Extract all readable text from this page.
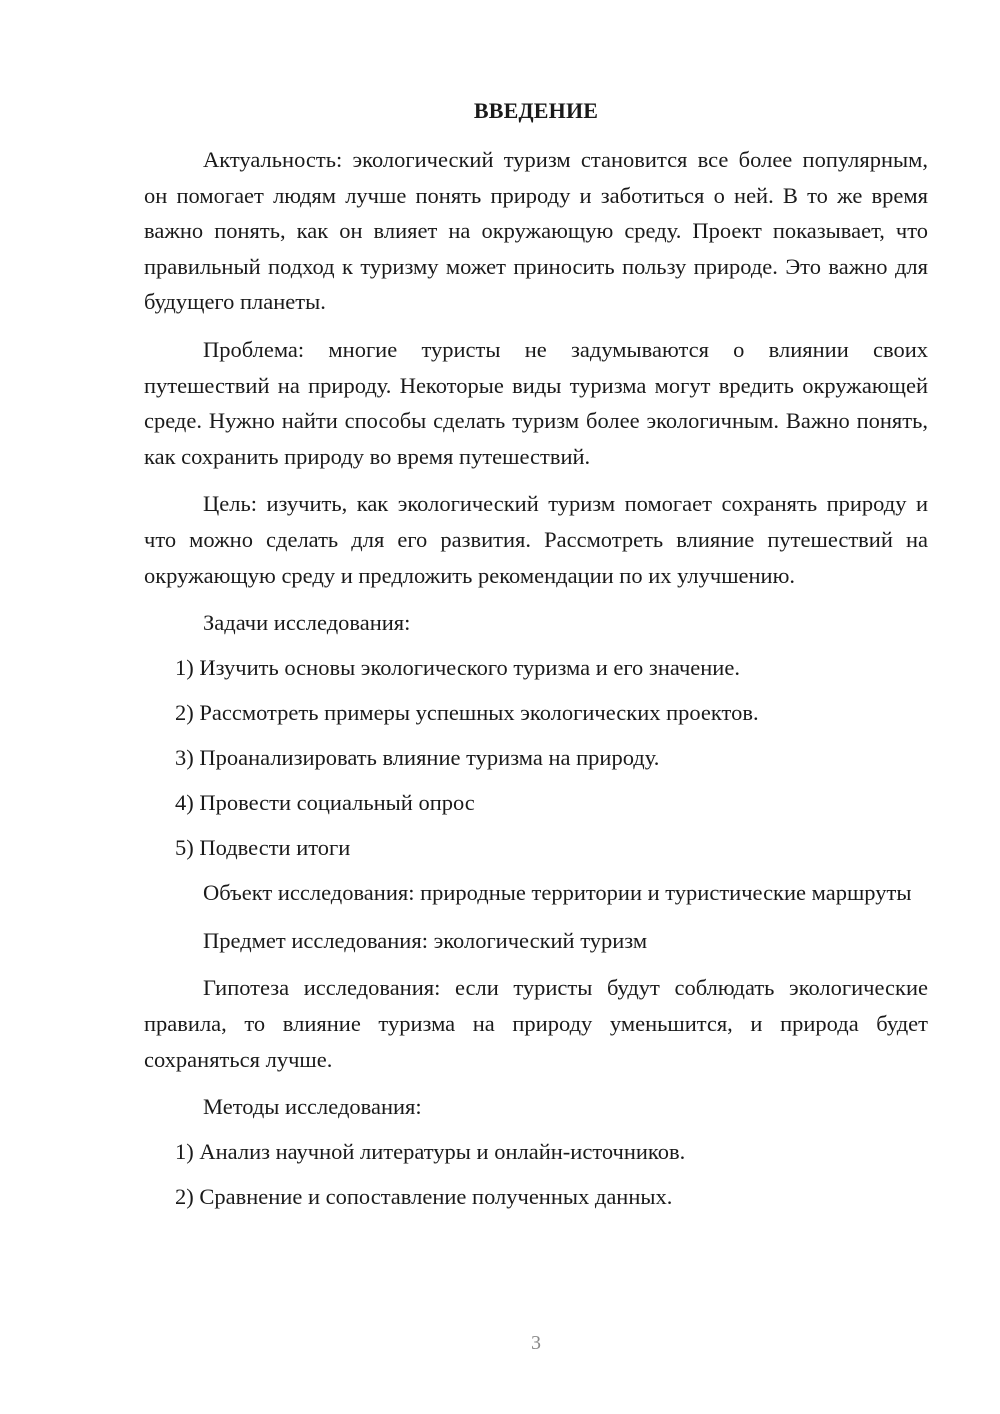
ВВЕДЕНИЕ

Актуальность: экологический туризм становится все более популярным, он помогает людям лучше понять природу и заботиться о ней. В то же время важно понять, как он влияет на окружающую среду. Проект показывает, что правильный подход к туризму может приносить пользу природе. Это важно для будущего планеты.

Проблема: многие туристы не задумываются о влиянии своих путешествий на природу. Некоторые виды туризма могут вредить окружающей среде. Нужно найти способы сделать туризм более экологичным. Важно понять, как сохранить природу во время путешествий.

Цель: изучить, как экологический туризм помогает сохранять природу и что можно сделать для его развития. Рассмотреть влияние путешествий на окружающую среду и предложить рекомендации по их улучшению.

Задачи исследования:

1) Изучить основы экологического туризма и его значение.

2) Рассмотреть примеры успешных экологических проектов.

3) Проанализировать влияние туризма на природу.

4) Провести социальный опрос

5) Подвести итоги

Объект исследования: природные территории и туристические маршруты

Предмет исследования: экологический туризм

Гипотеза исследования: если туристы будут соблюдать экологические правила, то влияние туризма на природу уменьшится, и природа будет сохраняться лучше.

Методы исследования:

1) Анализ научной литературы и онлайн-источников.

2) Сравнение и сопоставление полученных данных.

3
